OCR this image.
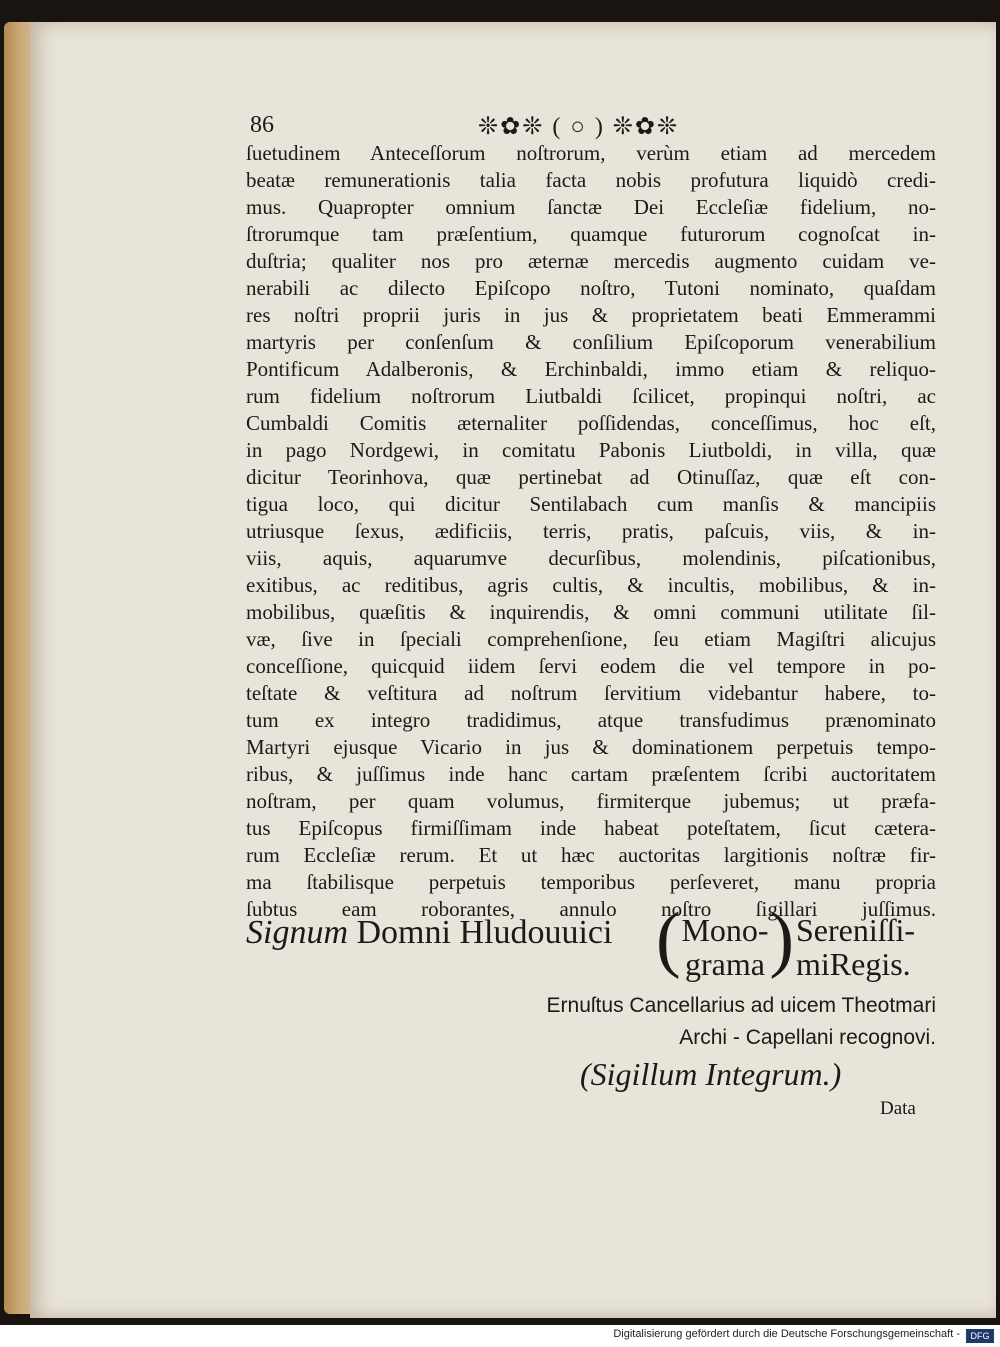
86	❊✿❊ ( ○ ) ❊✿❊
ſuetudinem Anteceſſorum noſtrorum, verùm etiam ad mercedem
beatæ remunerationis talia facta nobis profutura liquidò credi-
mus. Quapropter omnium ſanctæ Dei Eccleſiæ fidelium, no-
ſtrorumque tam præſentium, quamque futurorum cognoſcat in-
duſtria; qualiter nos pro æternæ mercedis augmento cuidam ve-
nerabili ac dilecto Epiſcopo noſtro, Tutoni nominato, quaſdam
res noſtri proprii juris in jus & proprietatem beati Emmerammi
martyris per conſenſum & conſilium Epiſcoporum venerabilium
Pontificum Adalberonis, & Erchinbaldi, immo etiam & reliquo-
rum fidelium noſtrorum Liutbaldi ſcilicet, propinqui noſtri, ac
Cumbaldi Comitis æternaliter poſſidendas, conceſſimus, hoc eſt,
in pago Nordgewi, in comitatu Pabonis Liutboldi, in villa, quæ
dicitur Teorinhova, quæ pertinebat ad Otinuſſaz, quæ eſt con-
tigua loco, qui dicitur Sentilabach cum manſis & mancipiis
utriusque ſexus, ædificiis, terris, pratis, paſcuis, viis, & in-
viis, aquis, aquarumve decurſibus, molendinis, piſcationibus,
exitibus, ac reditibus, agris cultis, & incultis, mobilibus, & in-
mobilibus, quæſitis & inquirendis, & omni communi utilitate ſil-
væ, ſive in ſpeciali comprehenſione, ſeu etiam Magiſtri alicujus
conceſſione, quicquid iidem ſervi eodem die vel tempore in po-
teſtate & veſtitura ad noſtrum ſervitium videbantur habere, to-
tum ex integro tradidimus, atque transfudimus prænominato
Martyri ejusque Vicario in jus & dominationem perpetuis tempo-
ribus, & juſſimus inde hanc cartam præſentem ſcribi auctoritatem
noſtram, per quam volumus, firmiterque jubemus; ut præfa-
tus Epiſcopus firmiſſimam inde habeat poteſtatem, ſicut cætera-
rum Eccleſiæ rerum. Et ut hæc auctoritas largitionis noſtræ fir-
ma ſtabilisque perpetuis temporibus perſeveret, manu propria
ſubtus eam roborantes, annulo noſtro ſigillari juſſimus.
Signum Domni Hludouuici ( Mono-
grama ) Sereniſſi-
miRegis.
Ernuſtus Cancellarius ad uicem Theotmari
Archi - Capellani recognovi.
(Sigillum Integrum.)
Data
Digitalisierung gefördert durch die Deutsche Forschungsgemeinschaft -	DFG
